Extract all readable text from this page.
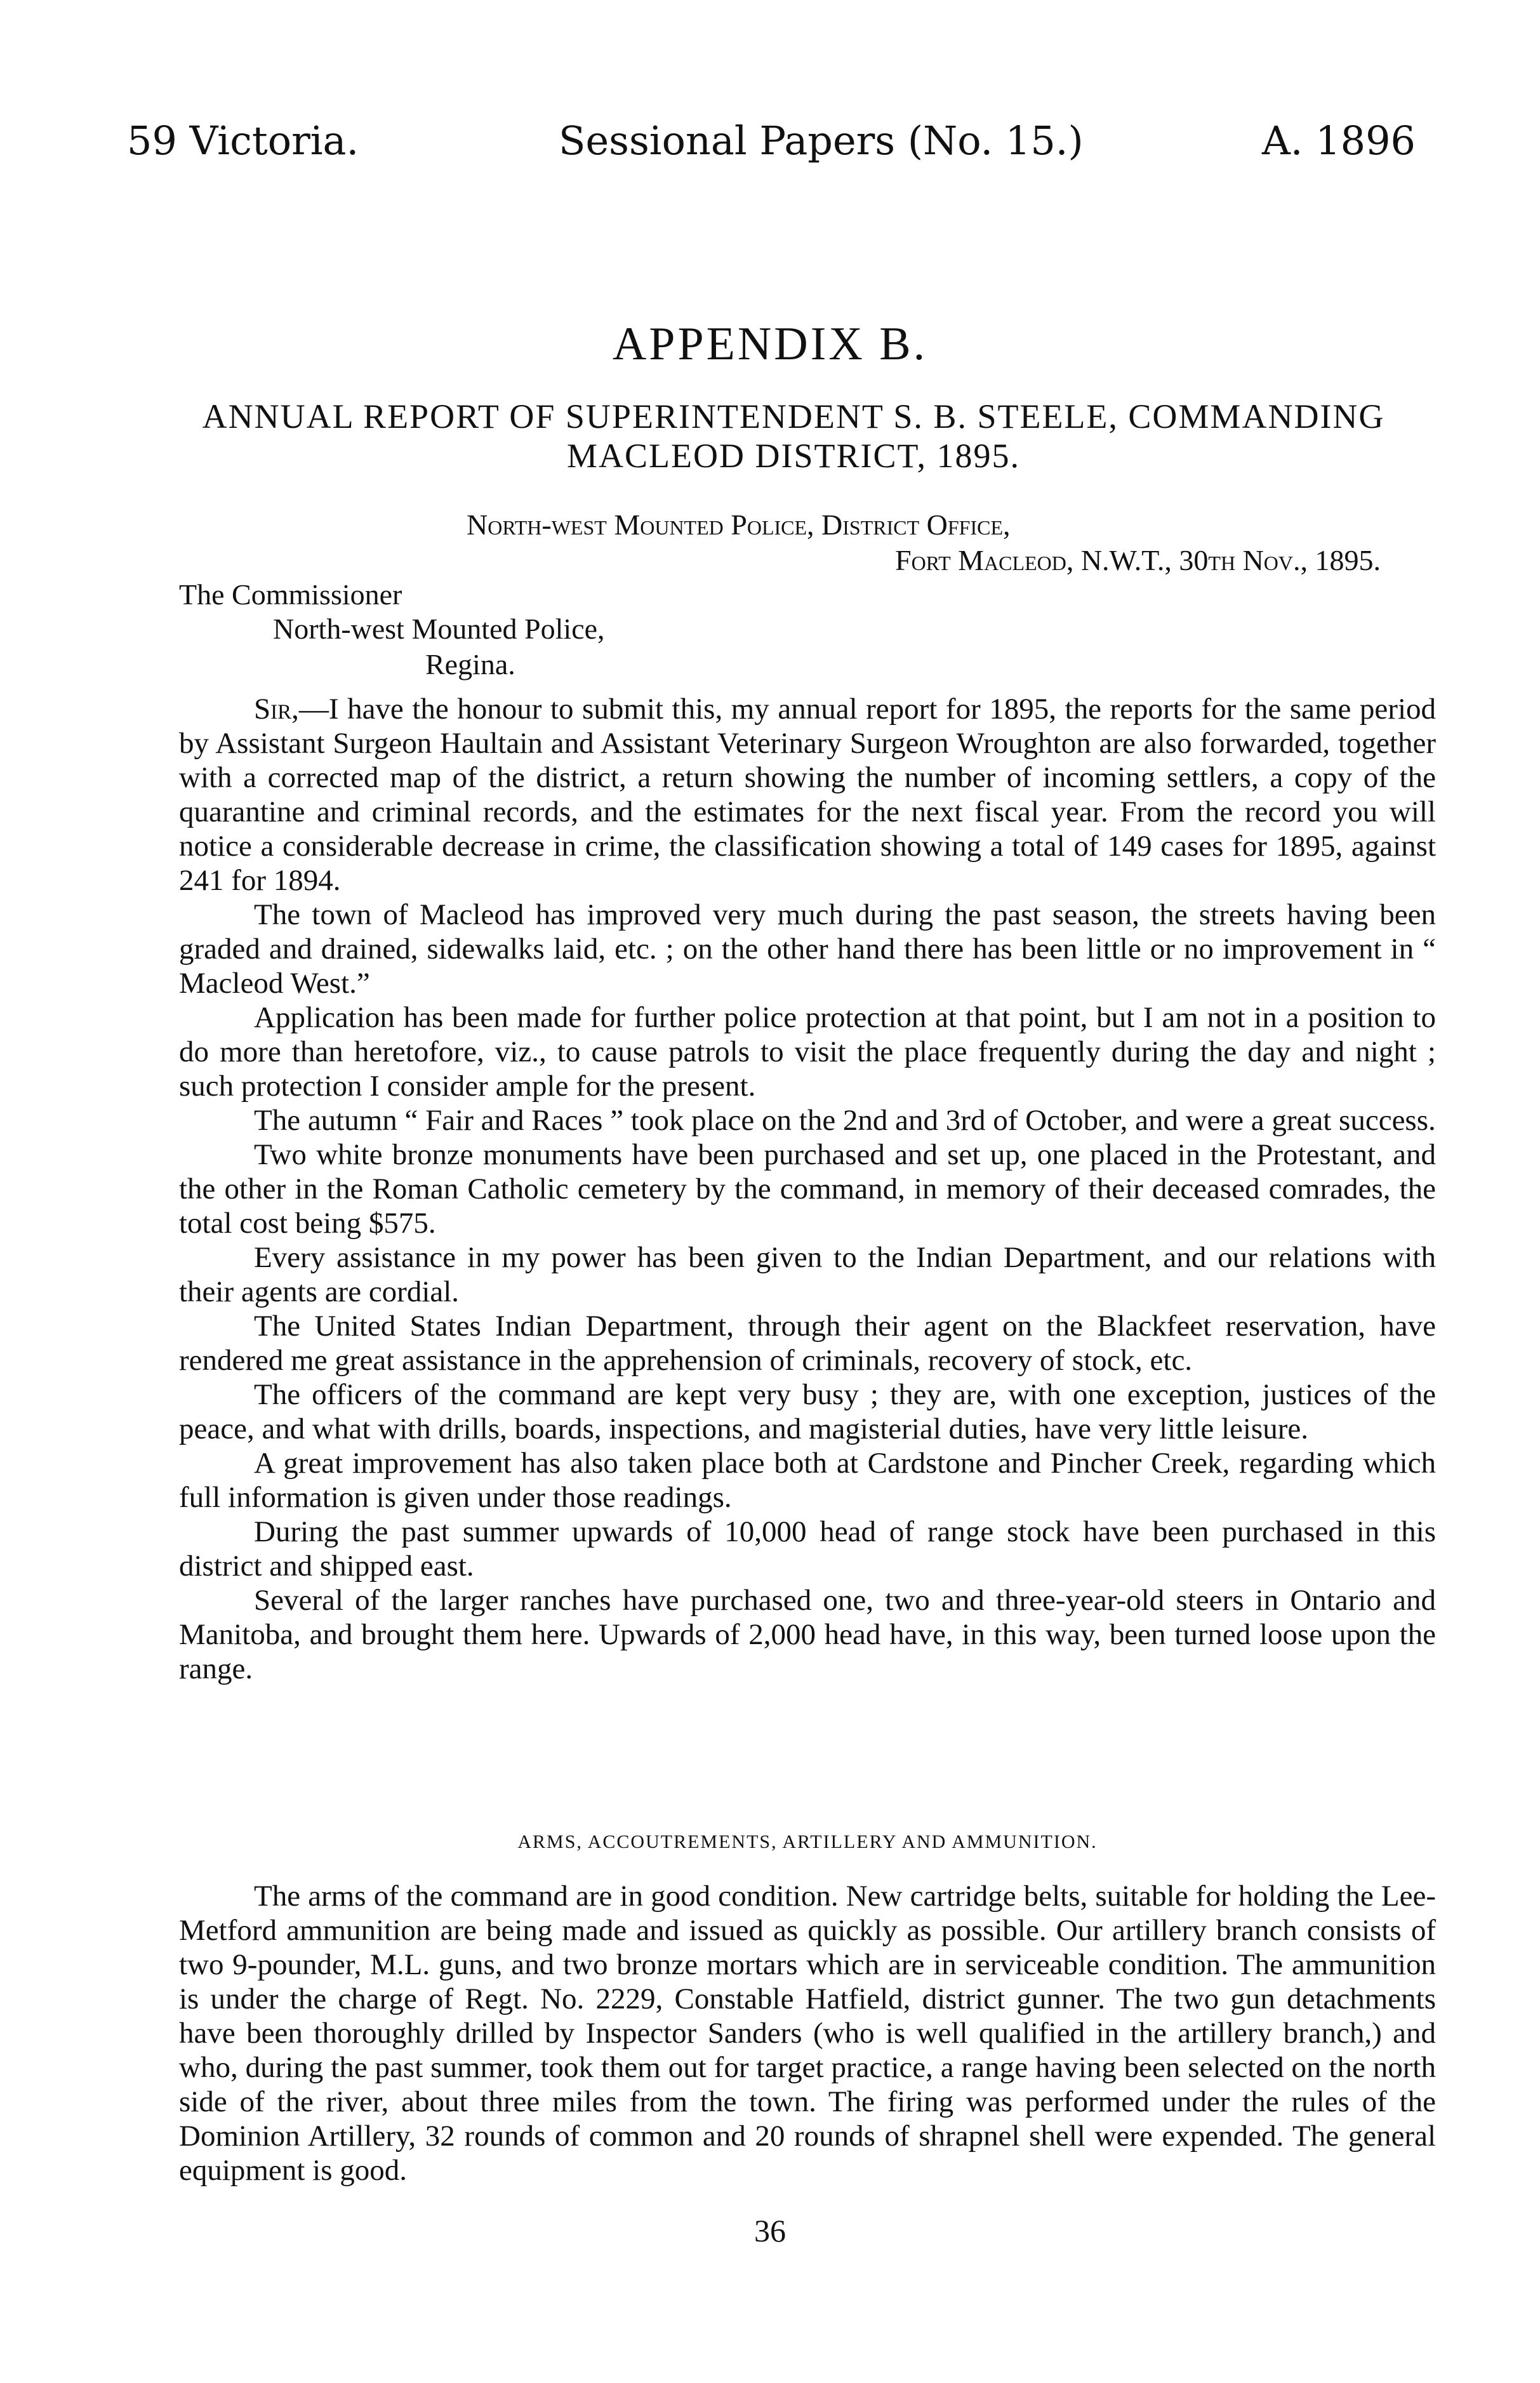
59 Victoria.	Sessional Papers (No. 15.)	A. 1896
APPENDIX B.
ANNUAL REPORT OF SUPERINTENDENT S. B. STEELE, COMMANDING MACLEOD DISTRICT, 1895.
North-west Mounted Police, District Office,
Fort Macleod, N.W.T., 30th Nov., 1895.
The Commissioner
North-west Mounted Police,
Regina.

Sir,—I have the honour to submit this, my annual report for 1895, the reports for the same period by Assistant Surgeon Haultain and Assistant Veterinary Surgeon Wroughton are also forwarded, together with a corrected map of the district, a return showing the number of incoming settlers, a copy of the quarantine and criminal records, and the estimates for the next fiscal year. From the record you will notice a considerable decrease in crime, the classification showing a total of 149 cases for 1895, against 241 for 1894.

The town of Macleod has improved very much during the past season, the streets having been graded and drained, sidewalks laid, etc. ; on the other hand there has been little or no improvement in “ Macleod West.”

Application has been made for further police protection at that point, but I am not in a position to do more than heretofore, viz., to cause patrols to visit the place frequently during the day and night ; such protection I consider ample for the present.

The autumn “ Fair and Races ” took place on the 2nd and 3rd of October, and were a great success.

Two white bronze monuments have been purchased and set up, one placed in the Protestant, and the other in the Roman Catholic cemetery by the command, in memory of their deceased comrades, the total cost being $575.

Every assistance in my power has been given to the Indian Department, and our relations with their agents are cordial.

The United States Indian Department, through their agent on the Blackfeet reservation, have rendered me great assistance in the apprehension of criminals, recovery of stock, etc.

The officers of the command are kept very busy ; they are, with one exception, justices of the peace, and what with drills, boards, inspections, and magisterial duties, have very little leisure.

A great improvement has also taken place both at Cardstone and Pincher Creek, regarding which full information is given under those readings.

During the past summer upwards of 10,000 head of range stock have been purchased in this district and shipped east.

Several of the larger ranches have purchased one, two and three-year-old steers in Ontario and Manitoba, and brought them here. Upwards of 2,000 head have, in this way, been turned loose upon the range.

ARMS, ACCOUTREMENTS, ARTILLERY AND AMMUNITION.

The arms of the command are in good condition. New cartridge belts, suitable for holding the Lee-Metford ammunition are being made and issued as quickly as possible. Our artillery branch consists of two 9-pounder, M.L. guns, and two bronze mortars which are in serviceable condition. The ammunition is under the charge of Regt. No. 2229, Constable Hatfield, district gunner. The two gun detachments have been thoroughly drilled by Inspector Sanders (who is well qualified in the artillery branch,) and who, during the past summer, took them out for target practice, a range having been selected on the north side of the river, about three miles from the town. The firing was performed under the rules of the Dominion Artillery, 32 rounds of common and 20 rounds of shrapnel shell were expended. The general equipment is good.

36
